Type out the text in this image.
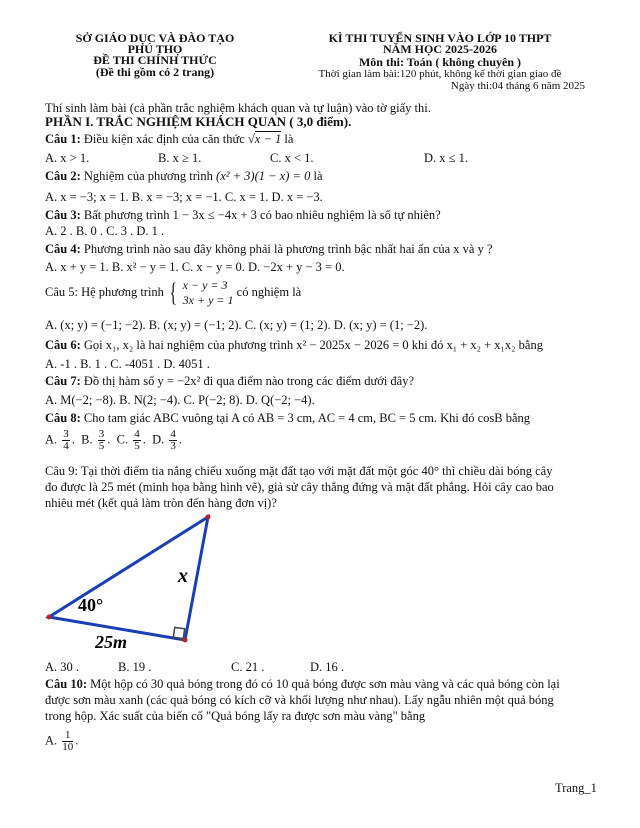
SỞ GIÁO DỤC VÀ ĐÀO TẠO
PHÚ THỌ
ĐỀ THI CHÍNH THỨC
(Đề thi gồm có 2 trang)
KÌ THI TUYỂN SINH VÀO LỚP 10 THPT
NĂM HỌC 2025-2026
Môn thi: Toán ( không chuyên )
Thời gian làm bài:120 phút, không kể thời gian giao đề
Ngày thi:04 tháng 6 năm 2025
Thí sinh làm bài (cả phần trắc nghiệm khách quan và tự luận) vào tờ giấy thi.
PHẦN I. TRẮC NGHIỆM KHÁCH QUAN ( 3,0 điểm).
Câu 1: Điều kiện xác định của căn thức √x − 1 là
A. x > 1.	B. x ≥ 1.	C. x < 1.	D. x ≤ 1.
Câu 2: Nghiệm của phương trình (x² + 3)(1 − x) = 0 là
A. x = −3; x = 1. B. x = −3; x = −1. C. x = 1. D. x = −3.
Câu 3: Bất phương trình 1 − 3x ≤ −4x + 3 có bao nhiêu nghiệm là số tự nhiên?
A. 2 . B. 0 . C. 3 . D. 1 .
Câu 4: Phương trình nào sau đây không phải là phương trình bậc nhất hai ẩn của x và y ?
A. x + y = 1. B. x² − y = 1. C. x − y = 0. D. −2x + y − 3 = 0.
Câu 5: Hệ phương trình { x − y = 3
3x + y = 1
có nghiệm là
A. (x; y) = (−1; −2). B. (x; y) = (−1; 2). C. (x; y) = (1; 2). D. (x; y) = (1; −2).
Câu 6: Gọi x₁, x₂ là hai nghiệm của phương trình x² − 2025x − 2026 = 0 khi đó x₁ + x₂ + x₁x₂ bằng
A. -1 . B. 1 . C. -4051 . D. 4051 .
Câu 7: Đồ thị hàm số y = −2x² đi qua điểm nào trong các điểm dưới đây?
A. M(−2; −8). B. N(2; −4). C. P(−2; 8). D. Q(−2; −4).
Câu 8: Cho tam giác ABC vuông tại A có AB = 3 cm, AC = 4 cm, BC = 5 cm. Khi đó cosB bằng
A. $\frac{3}{4}$ .  B. $\frac{3}{5}$ .  C. $\frac{4}{5}$ .  D. $\frac{4}{3}$ .
Câu 9: Tại thời điểm tia nắng chiếu xuống mặt đất tạo với mặt đất một góc 40° thì chiều dài bóng cây
đo được là 25 mét (minh họa bằng hình vẽ), giả sử cây thẳng đứng và mặt đất phẳng. Hỏi cây cao bao
nhiêu mét (kết quả làm tròn đến hàng đơn vị)?
x
40°
25m
A. 30 .	B. 19 .	C. 21 .	D. 16 .
Câu 10: Một hộp có 30 quả bóng trong đó có 10 quả bóng được sơn màu vàng và các quả bóng còn lại
được sơn màu xanh (các quả bóng có kích cỡ và khối lượng như nhau). Lấy ngẫu nhiên một quả bóng
trong hộp. Xác suất của biến cố "Quả bóng lấy ra được sơn màu vàng" bằng
A. $\frac{1}{10}$ .
Trang_1
